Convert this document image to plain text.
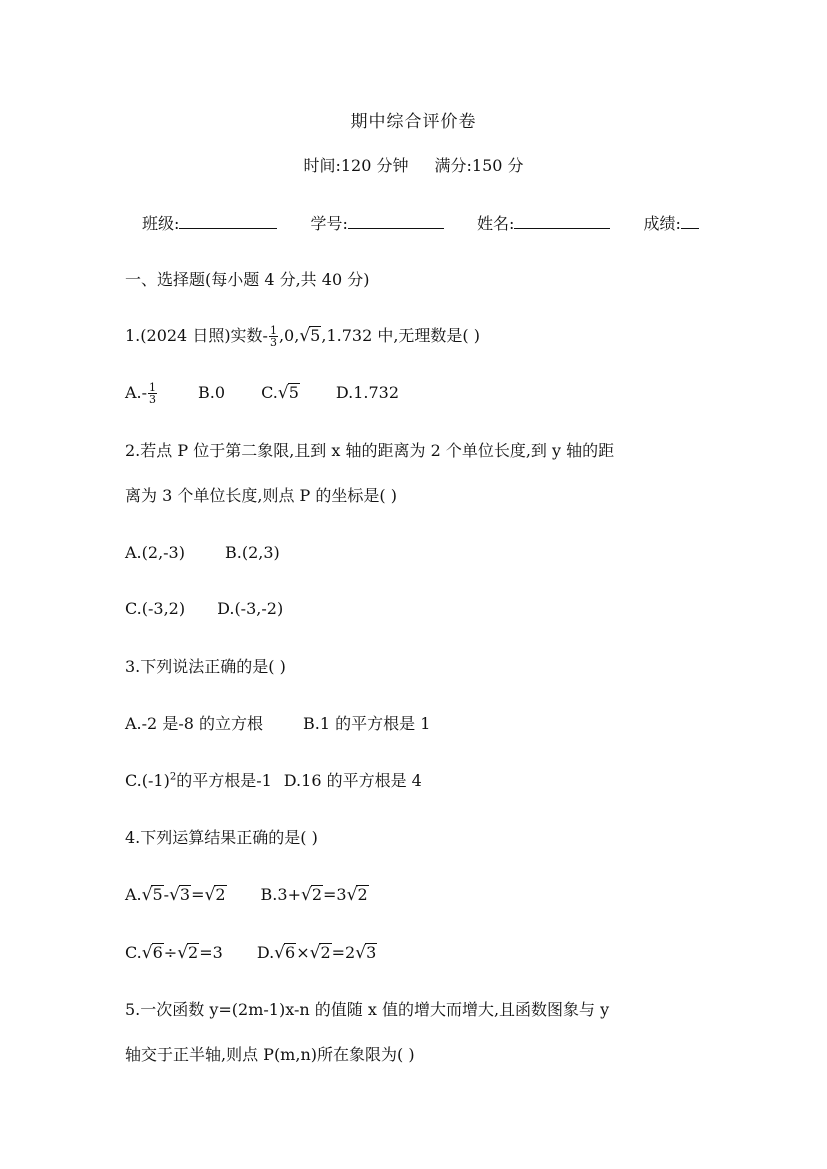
期中综合评价卷
时间:120 分钟 满分:150 分
班级:	学号:	姓名:	成绩:
一、选择题(每小题 4 分,共 40 分)
1.(2024 日照)实数- $\frac{1}{3} ,0$, √ 5 ,1.732 中,无理数是( )
$A.- \frac{1}{3}$	B.0 C. √ 5 D.1.732
2.若点 P 位于第二象限,且到 x 轴的距离为 2 个单位长度,到 y 轴的距
离为 3 个单位长度,则点 P 的坐标是( )
A.(2,-3)	B.(2,3)
C.(-3,2) D.(-3,-2)
3.下列说法正确的是( )
A.-2 是-8 的立方根	B.1 的平方根是 1
$C.(-1)^2$的平方根是-1 D.16 的平方根是 4
4.下列运算结果正确的是( )
A. √ 5 - √ 3 = √ 2 B.3+ √ 2 =3 √ 2
C. √ 6 ÷ √ 2 =3 D. √ 6 × √ 2 =2 √ 3
5.一次函数 y=(2m-1)x-n 的值随 x 值的增大而增大,且函数图象与 y
轴交于正半轴,则点 P(m,n)所在象限为( )
